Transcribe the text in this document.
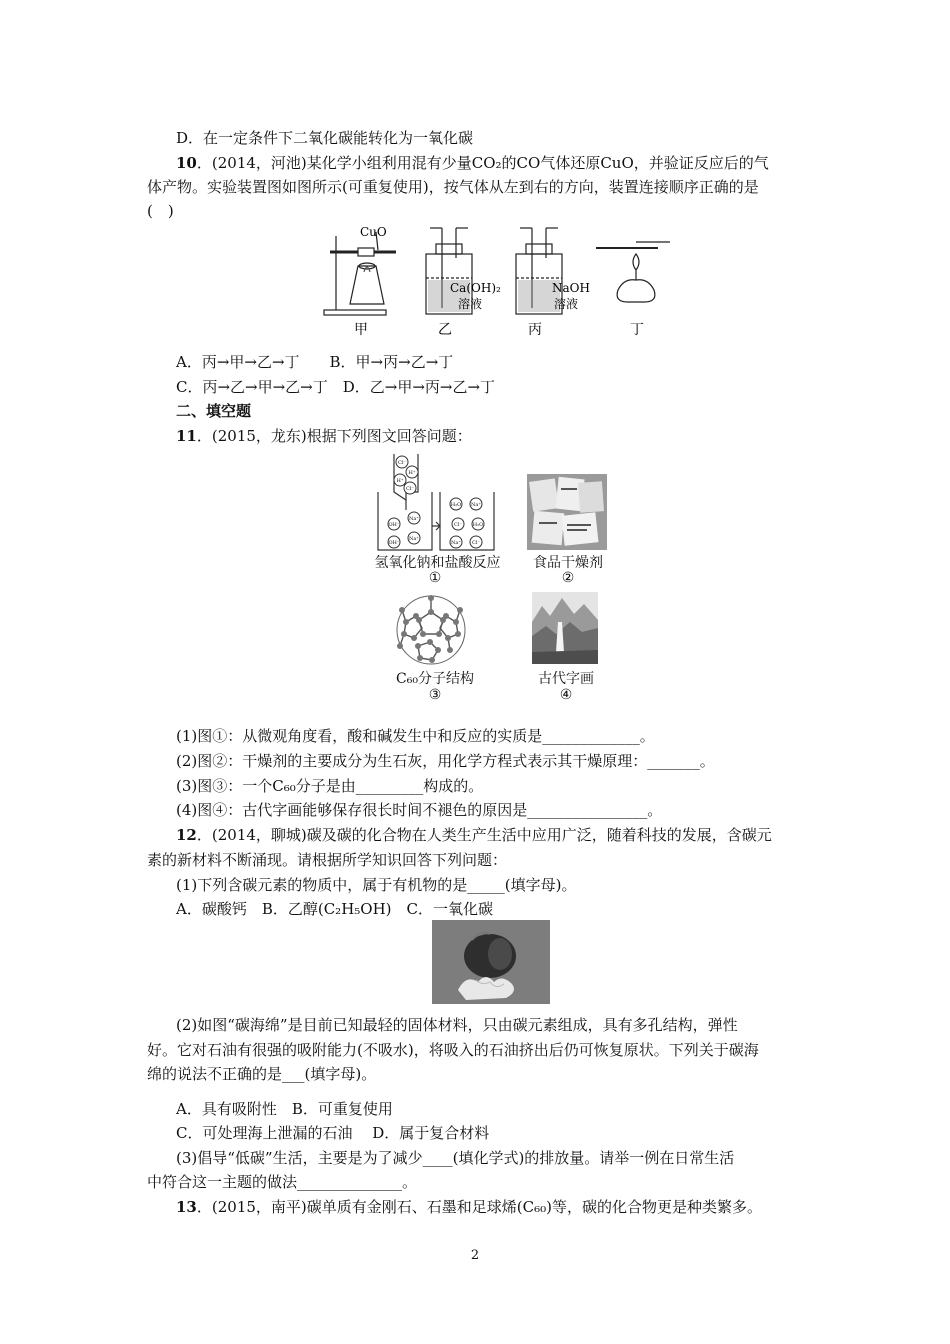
D．在一定条件下二氧化碳能转化为一氧化碳
10．(2014，河池)某化学小组利用混有少量CO₂的CO气体还原CuO，并验证反应后的气
体产物。实验装置图如图所示(可重复使用)，按气体从左到右的方向，装置连接顺序正确的是
(　)
CuO
Ca(OH)₂
溶液
NaOH
溶液
甲	乙	丙	丁
A．丙→甲→乙→丁　　B．甲→丙→乙→丁
C．丙→乙→甲→乙→丁　D．乙→甲→丙→乙→丁
二、填空题
11．(2015，龙东)根据下列图文回答问题：
Cl⁻
H⁺
H⁺
Cl⁻
Na⁺
OH⁻
Na⁺
OH⁻
H₂O Na⁺
Cl⁻ H₂O
Na⁺ Cl⁻
氢氧化钠和盐酸反应
①
食品干燥剂
②
C₆₀分子结构
③
古代字画
④
(1)图①：从微观角度看，酸和碱发生中和反应的实质是_____________。
(2)图②：干燥剂的主要成分为生石灰，用化学方程式表示其干燥原理：_______。
(3)图③：一个C₆₀分子是由_________构成的。
(4)图④：古代字画能够保存很长时间不褪色的原因是________________。
12．(2014，聊城)碳及碳的化合物在人类生产生活中应用广泛，随着科技的发展，含碳元
素的新材料不断涌现。请根据所学知识回答下列问题：
(1)下列含碳元素的物质中，属于有机物的是_____(填字母)。
A．碳酸钙　B．乙醇(C₂H₅OH)　C．一氧化碳
(2)如图“碳海绵”是目前已知最轻的固体材料，只由碳元素组成，具有多孔结构，弹性
好。它对石油有很强的吸附能力(不吸水)，将吸入的石油挤出后仍可恢复原状。下列关于碳海
绵的说法不正确的是___(填字母)。
A．具有吸附性　B．可重复使用
C．可处理海上泄漏的石油　 D．属于复合材料
(3)倡导“低碳”生活，主要是为了减少____(填化学式)的排放量。请举一例在日常生活
中符合这一主题的做法______________。
13．(2015，南平)碳单质有金刚石、石墨和足球烯(C₆₀)等，碳的化合物更是种类繁多。
2
